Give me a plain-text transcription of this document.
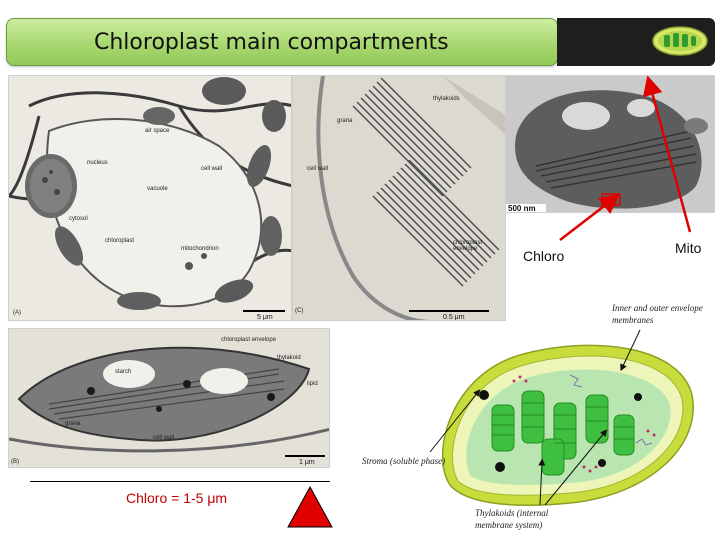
Chloroplast main compartments
air space
nucleus
cell wall
vacuole
cytosol
chloroplast
mitochondrion
(A)
5 μm
thylakoids
grana
cell wall
chloroplast envelope
(C)
0.5 μm
chloroplast envelope
thylakoid
starch
lipid
grana
cell wall
(B)	1 μm
500 nm
Chloro	Mito
Inner and outer envelope membranes
Stroma (soluble phase)
Thylakoids (internal membrane system)
Chloro = 1-5 μm
